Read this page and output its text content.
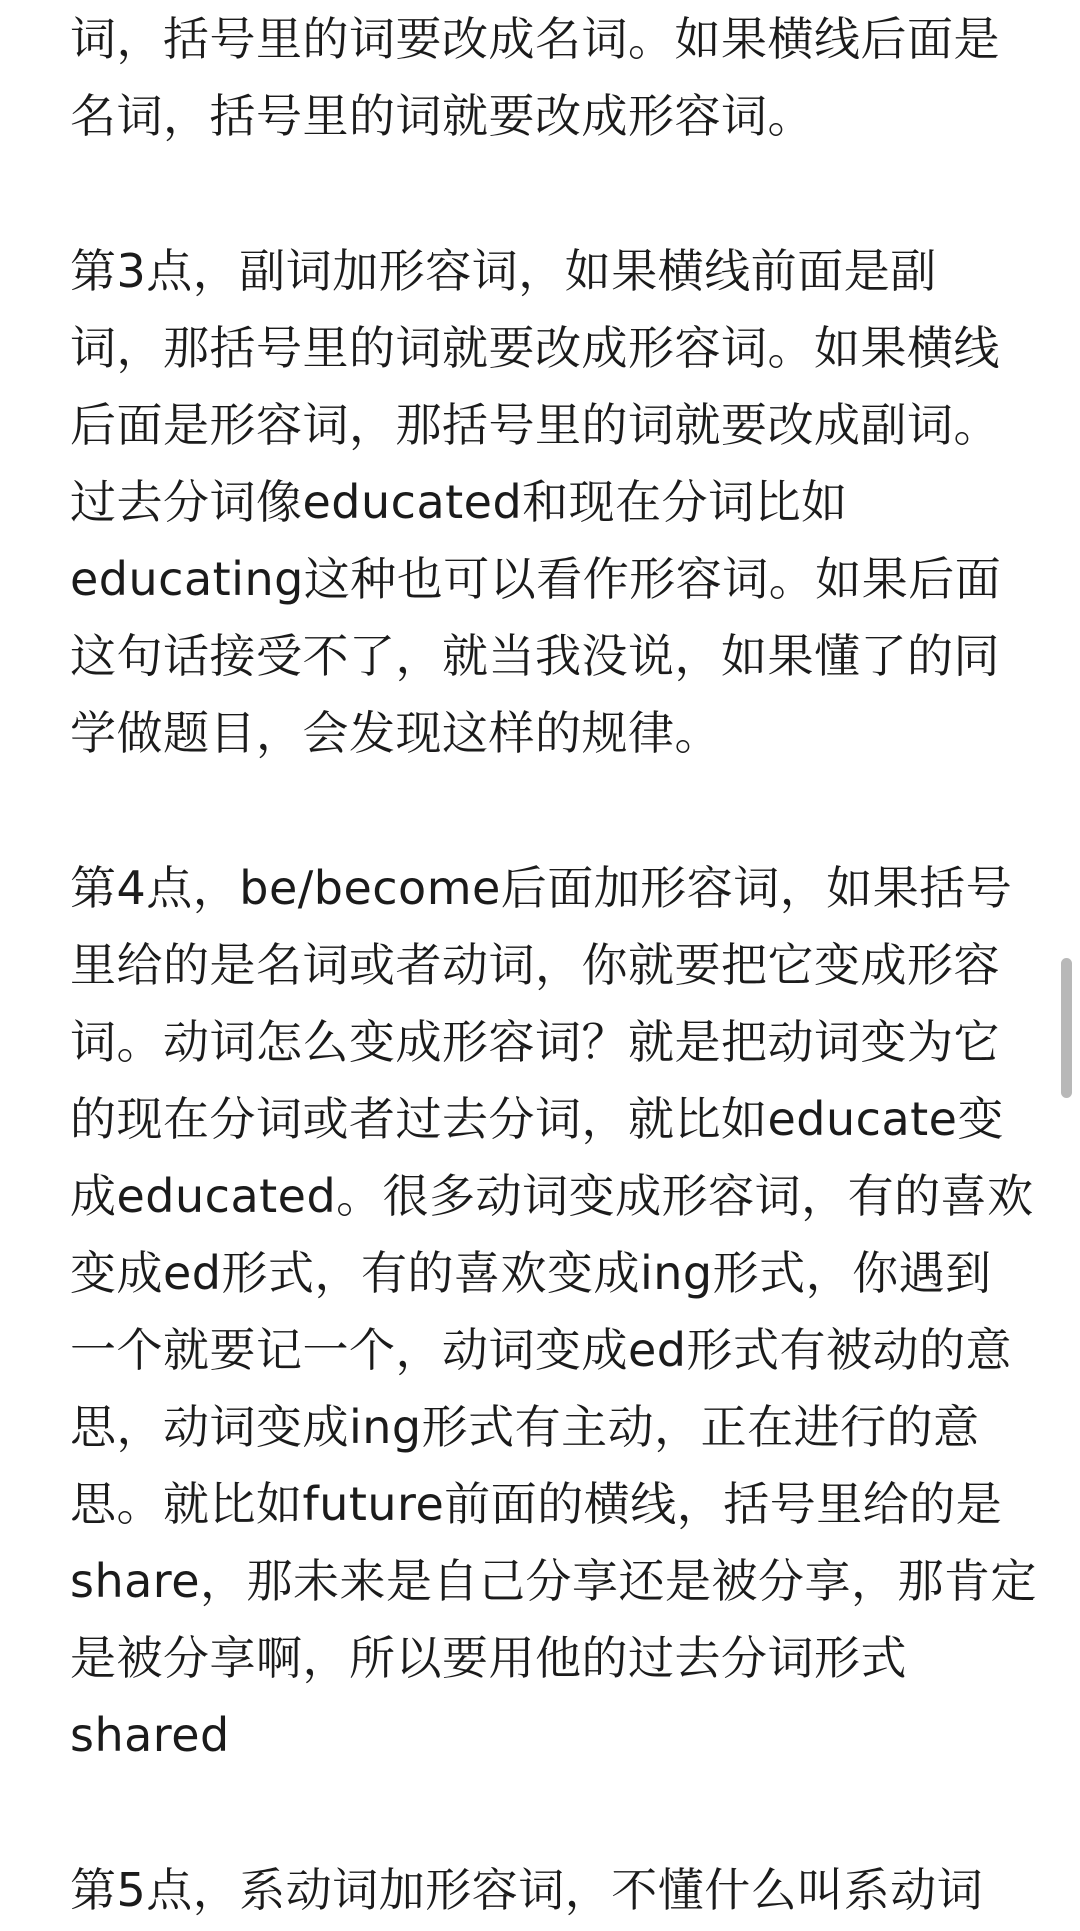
词，括号里的词要改成名词。如果横线后面是
名词，括号里的词就要改成形容词。
第3点，副词加形容词，如果横线前面是副
词，那括号里的词就要改成形容词。如果横线
后面是形容词，那括号里的词就要改成副词。
过去分词像educated和现在分词比如
educating这种也可以看作形容词。如果后面
这句话接受不了，就当我没说，如果懂了的同
学做题目，会发现这样的规律。
第4点，be/become后面加形容词，如果括号
里给的是名词或者动词，你就要把它变成形容
词。动词怎么变成形容词？就是把动词变为它
的现在分词或者过去分词，就比如educate变
成educated。很多动词变成形容词，有的喜欢
变成ed形式，有的喜欢变成ing形式，你遇到
一个就要记一个，动词变成ed形式有被动的意
思，动词变成ing形式有主动，正在进行的意
思。就比如future前面的横线，括号里给的是
share，那未来是自己分享还是被分享，那肯定
是被分享啊，所以要用他的过去分词形式
shared
第5点，系动词加形容词，不懂什么叫系动词
